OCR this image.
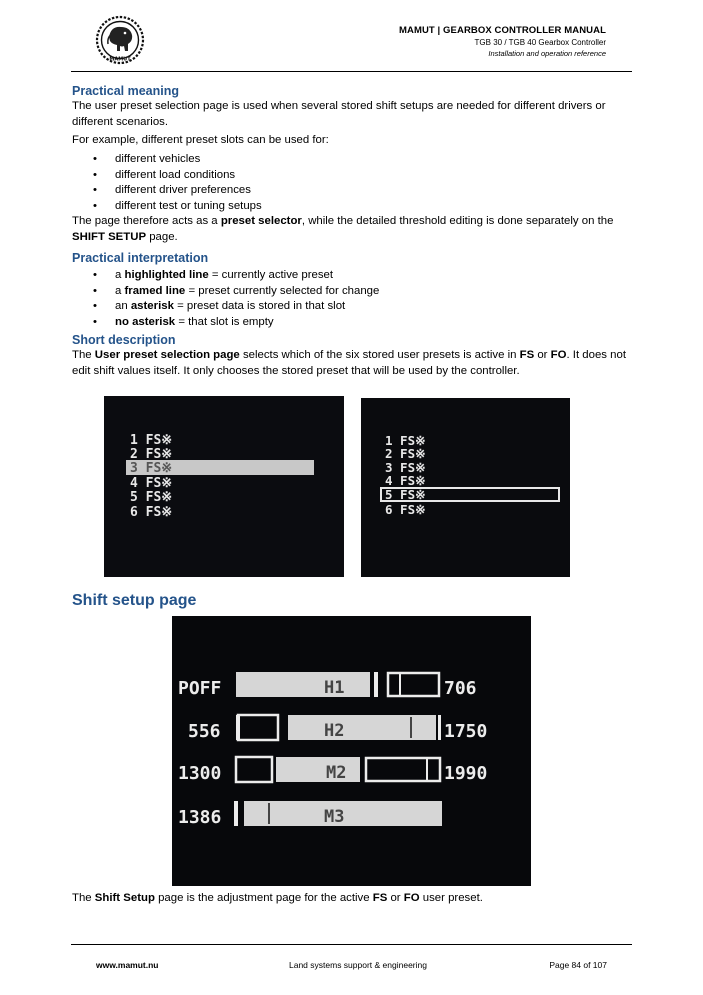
MAMUT
MAMUT | GEARBOX CONTROLLER MANUAL
TGB 30 / TGB 40 Gearbox Controller
Installation and operation reference
Practical meaning
The user preset selection page is used when several stored shift setups are needed for different drivers or different scenarios.
For example, different preset slots can be used for:
• different vehicles
• different load conditions
• different driver preferences
• different test or tuning setups
The page therefore acts as a preset selector, while the detailed threshold editing is done separately on the SHIFT SETUP page.
Practical interpretation
• a highlighted line = currently active preset
• a framed line = preset currently selected for change
• an asterisk = preset data is stored in that slot
• no asterisk = that slot is empty
Short description
The User preset selection page selects which of the six stored user presets is active in FS or FO. It does not edit shift values itself. It only chooses the stored preset that will be used by the controller.
1 FS※
2 FS※
3 FS※
4 FS※
5 FS※
6 FS※
1 FS※
2 FS※
3 FS※
4 FS※
5 FS※
6 FS※
Shift setup page
POFF	H1	706
556	H2	1750
1300	M2	1990
1386	M3
The Shift Setup page is the adjustment page for the active FS or FO user preset.
www.mamut.nu	Land systems support & engineering	Page 84 of 107
